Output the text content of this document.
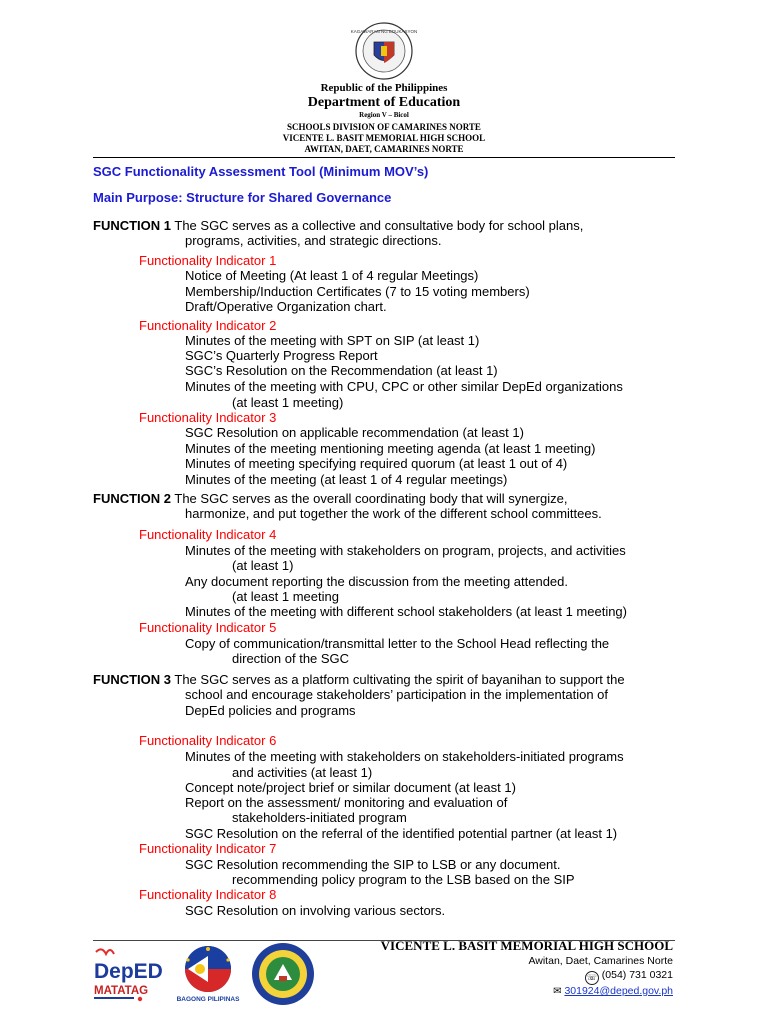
KAGAWARAN NG EDUKASYON
Republic of the Philippines
Department of Education
Region V – Bicol
SCHOOLS DIVISION OF CAMARINES NORTE
VICENTE L. BASIT MEMORIAL HIGH SCHOOL
AWITAN, DAET, CAMARINES NORTE
SGC Functionality Assessment Tool (Minimum MOV’s)
Main Purpose: Structure for Shared Governance
FUNCTION 1 The SGC serves as a collective and consultative body for school plans,
programs, activities, and strategic directions.
Functionality Indicator 1
Notice of Meeting (At least 1 of 4 regular Meetings)
Membership/Induction Certificates (7 to 15 voting members)
Draft/Operative Organization chart.
Functionality Indicator 2
Minutes of the meeting with SPT on SIP (at least 1)
SGC’s Quarterly Progress Report
SGC’s Resolution on the Recommendation (at least 1)
Minutes of the meeting with CPU, CPC or other similar DepEd organizations
(at least 1 meeting)
Functionality Indicator 3
SGC Resolution on applicable recommendation (at least 1)
Minutes of the meeting mentioning meeting agenda (at least 1 meeting)
Minutes of meeting specifying required quorum (at least 1 out of 4)
Minutes of the meeting (at least 1 of 4 regular meetings)
FUNCTION 2 The SGC serves as the overall coordinating body that will synergize,
harmonize, and put together the work of the different school committees.
Functionality Indicator 4
Minutes of the meeting with stakeholders on program, projects, and activities
(at least 1)
Any document reporting the discussion from the meeting attended.
(at least 1 meeting
Minutes of the meeting with different school stakeholders (at least 1 meeting)
Functionality Indicator 5
Copy of communication/transmittal letter to the School Head reflecting the
direction of the SGC
FUNCTION 3 The SGC serves as a platform cultivating the spirit of bayanihan to support the
school and encourage stakeholders’ participation in the implementation of
DepEd policies and programs
Functionality Indicator 6
Minutes of the meeting with stakeholders on stakeholders-initiated programs
and activities (at least 1)
Concept note/project brief or similar document (at least 1)
Report on the assessment/ monitoring and evaluation of
stakeholders-initiated program
SGC Resolution on the referral of the identified potential partner (at least 1)
Functionality Indicator 7
SGC Resolution recommending the SIP to LSB or any document.
recommending policy program to the LSB based on the SIP
Functionality Indicator 8
SGC Resolution on involving various sectors.
DepED
MATATAG
BAGONG PILIPINAS
VICENTE L. BASIT MEMORIAL HIGH SCHOOL
Awitan, Daet, Camarines Norte
☏ (054) 731 0321
✉ 301924@deped.gov.ph
